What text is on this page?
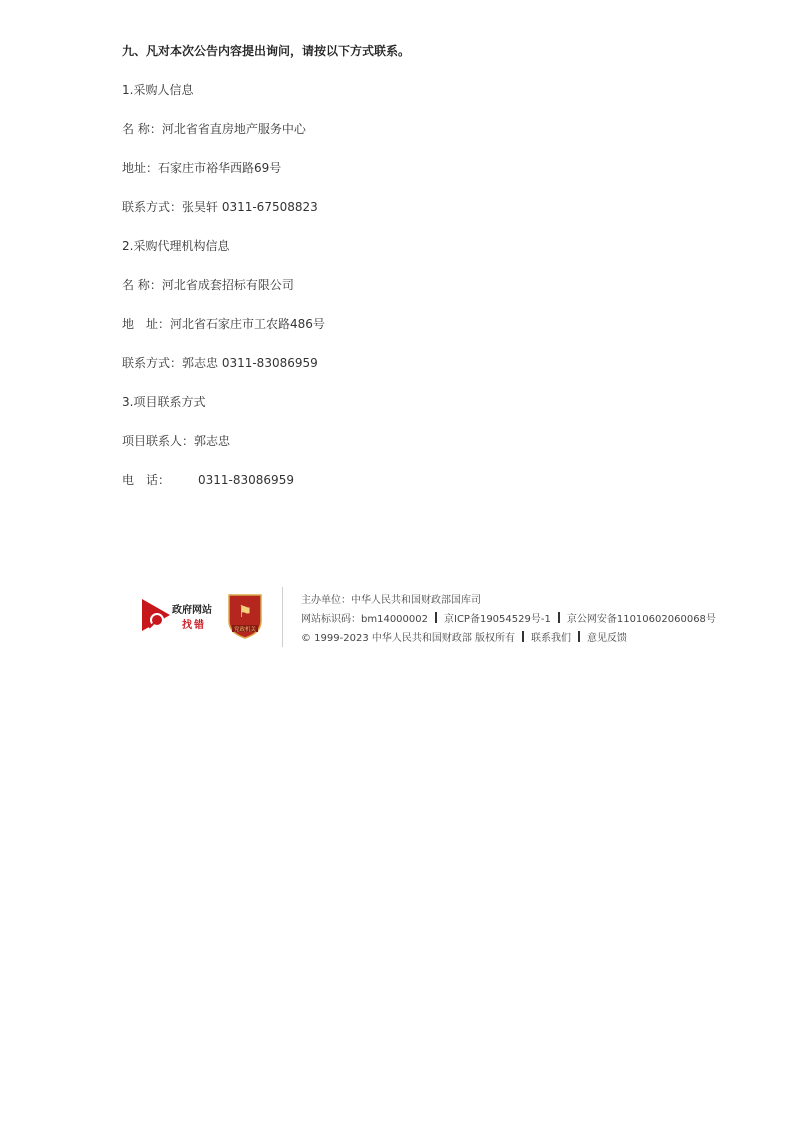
九、凡对本次公告内容提出询问，请按以下方式联系。
1.采购人信息
名 称：河北省省直房地产服务中心
地址：石家庄市裕华西路69号
联系方式：张昊轩 0311-67508823
2.采购代理机构信息
名 称：河北省成套招标有限公司
地　址：河北省石家庄市工农路486号
联系方式：郭志忠 0311-83086959
3.项目联系方式
项目联系人：郭志忠
电　话： 0311-83086959
政府网站
找错
⚑
党政机关
主办单位：中华人民共和国财政部国库司
网站标识码：bm14000002 京ICP备19054529号-1 京公网安备11010602060068号
© 1999-2023 中华人民共和国财政部 版权所有 联系我们 意见反馈
